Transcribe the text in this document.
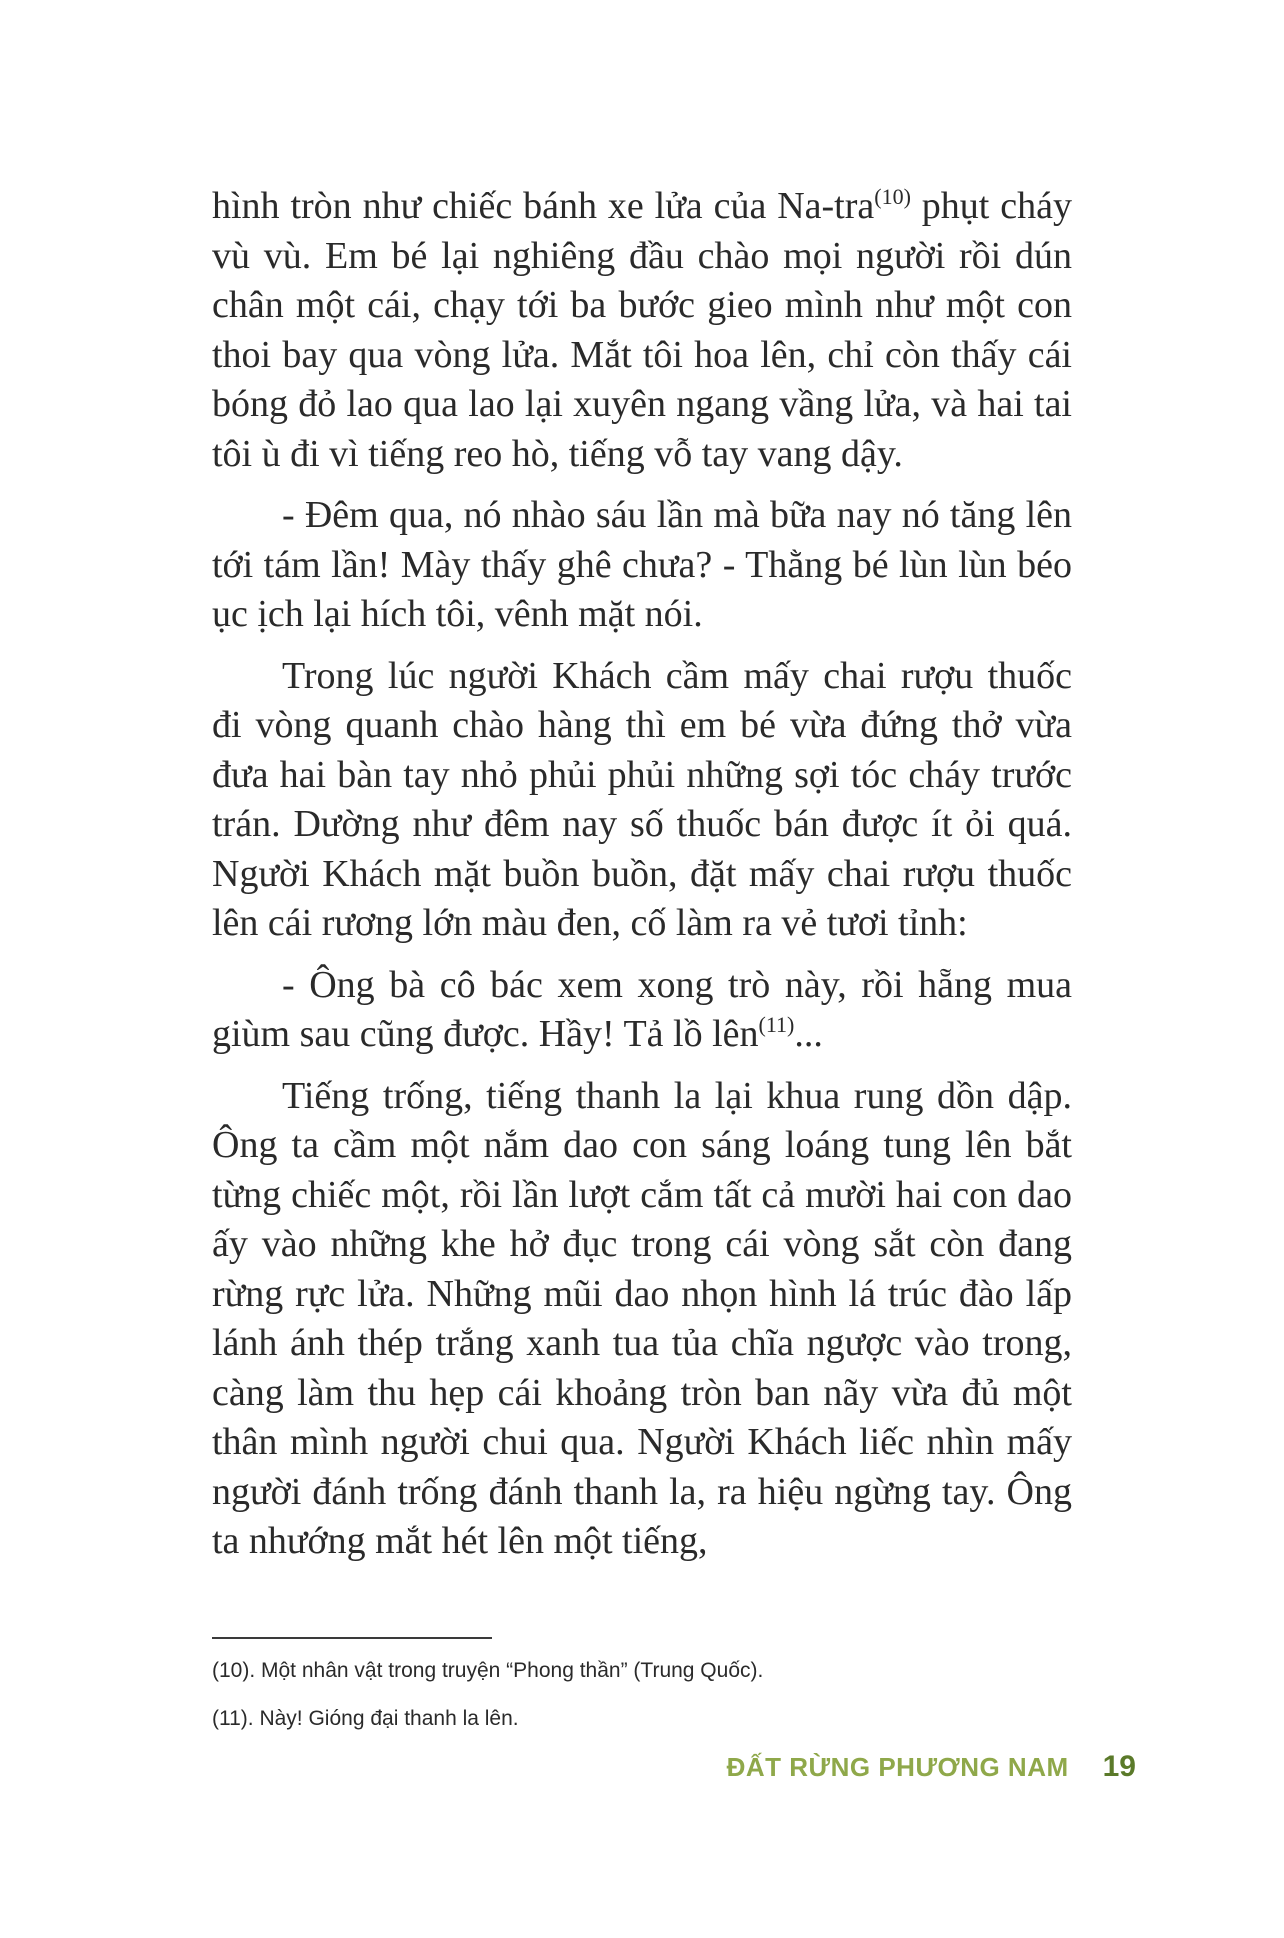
hình tròn như chiếc bánh xe lửa của Na-tra$^{(10)}$ phụt cháy vù vù. Em bé lại nghiêng đầu chào mọi người rồi dún chân một cái, chạy tới ba bước gieo mình như một con thoi bay qua vòng lửa. Mắt tôi hoa lên, chỉ còn thấy cái bóng đỏ lao qua lao lại xuyên ngang vầng lửa, và hai tai tôi ù đi vì tiếng reo hò, tiếng vỗ tay vang dậy.

- Đêm qua, nó nhào sáu lần mà bữa nay nó tăng lên tới tám lần! Mày thấy ghê chưa? - Thằng bé lùn lùn béo ục ịch lại hích tôi, vênh mặt nói.

Trong lúc người Khách cầm mấy chai rượu thuốc đi vòng quanh chào hàng thì em bé vừa đứng thở vừa đưa hai bàn tay nhỏ phủi phủi những sợi tóc cháy trước trán. Dường như đêm nay số thuốc bán được ít ỏi quá. Người Khách mặt buồn buồn, đặt mấy chai rượu thuốc lên cái rương lớn màu đen, cố làm ra vẻ tươi tỉnh:

- Ông bà cô bác xem xong trò này, rồi hẵng mua giùm sau cũng được. Hầy! Tả lồ lên$^{(11)}$...

Tiếng trống, tiếng thanh la lại khua rung dồn dập. Ông ta cầm một nắm dao con sáng loáng tung lên bắt từng chiếc một, rồi lần lượt cắm tất cả mười hai con dao ấy vào những khe hở đục trong cái vòng sắt còn đang rừng rực lửa. Những mũi dao nhọn hình lá trúc đào lấp lánh ánh thép trắng xanh tua tủa chĩa ngược vào trong, càng làm thu hẹp cái khoảng tròn ban nãy vừa đủ một thân mình người chui qua. Người Khách liếc nhìn mấy người đánh trống đánh thanh la, ra hiệu ngừng tay. Ông ta nhướng mắt hét lên một tiếng,

(10). Một nhân vật trong truyện “Phong thần” (Trung Quốc).

(11). Này! Gióng đại thanh la lên.

ĐẤT RỪNG PHƯƠNG NAM 19
